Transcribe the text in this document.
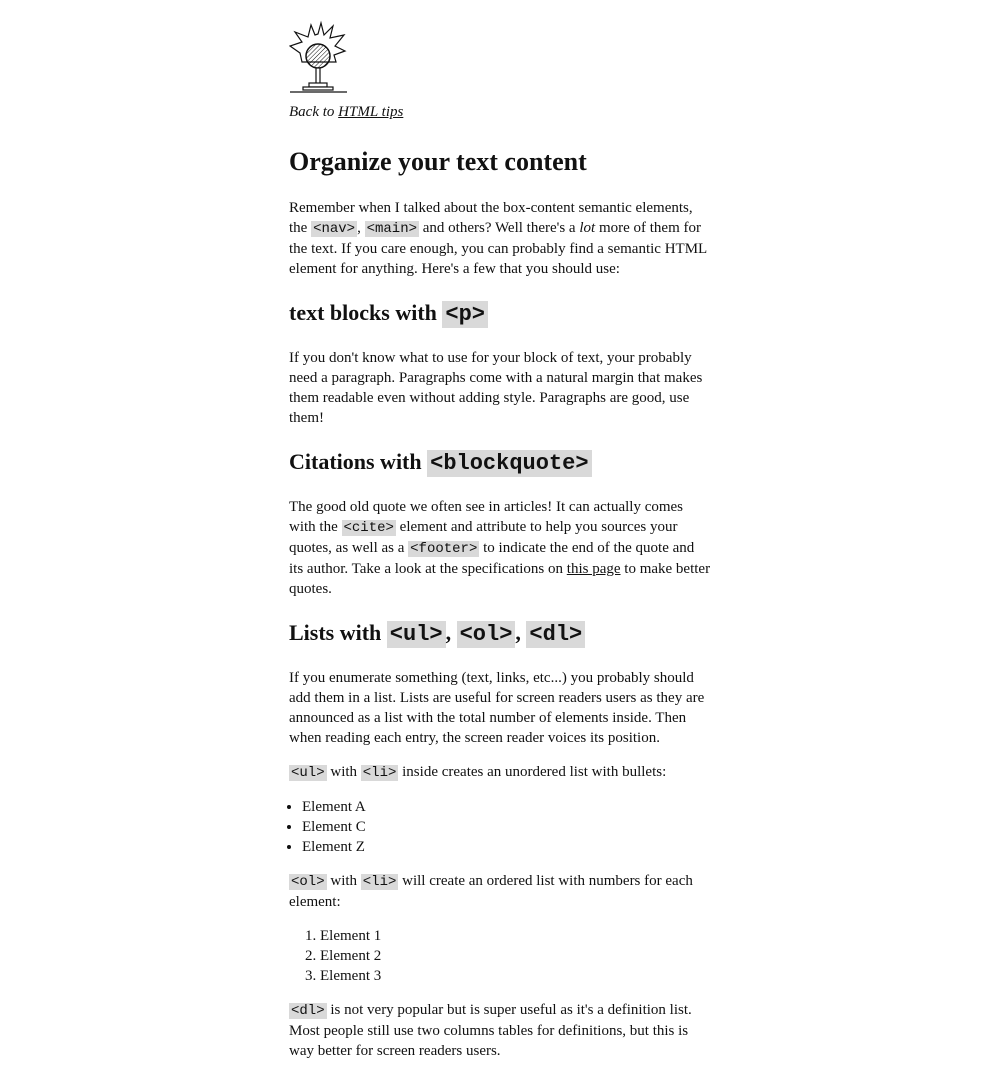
Back to HTML tips

Organize your text content

Remember when I talked about the box-content semantic elements, the <nav> , <main> and others? Well there's a lot more of them for the text. If you care enough, you can probably find a semantic HTML element for anything. Here's a few that you should use:

text blocks with <p>

If you don't know what to use for your block of text, your probably need a paragraph. Paragraphs come with a natural margin that makes them readable even without adding style. Paragraphs are good, use them!

Citations with <blockquote>

The good old quote we often see in articles! It can actually comes with the <cite> element and attribute to help you sources your quotes, as well as a <footer> to indicate the end of the quote and its author. Take a look at the specifications on this page to make better quotes.

Lists with <ul> , <ol> , <dl>

If you enumerate something (text, links, etc...) you probably should add them in a list. Lists are useful for screen readers users as they are announced as a list with the total number of elements inside. Then when reading each entry, the screen reader voices its position.

<ul> with <li> inside creates an unordered list with bullets:

• Element A
• Element C
• Element Z

<ol> with <li> will create an ordered list with numbers for each element:

1. Element 1
2. Element 2
3. Element 3

<dl> is not very popular but is super useful as it's a definition list. Most people still use two columns tables for definitions, but this is way better for screen readers users.
